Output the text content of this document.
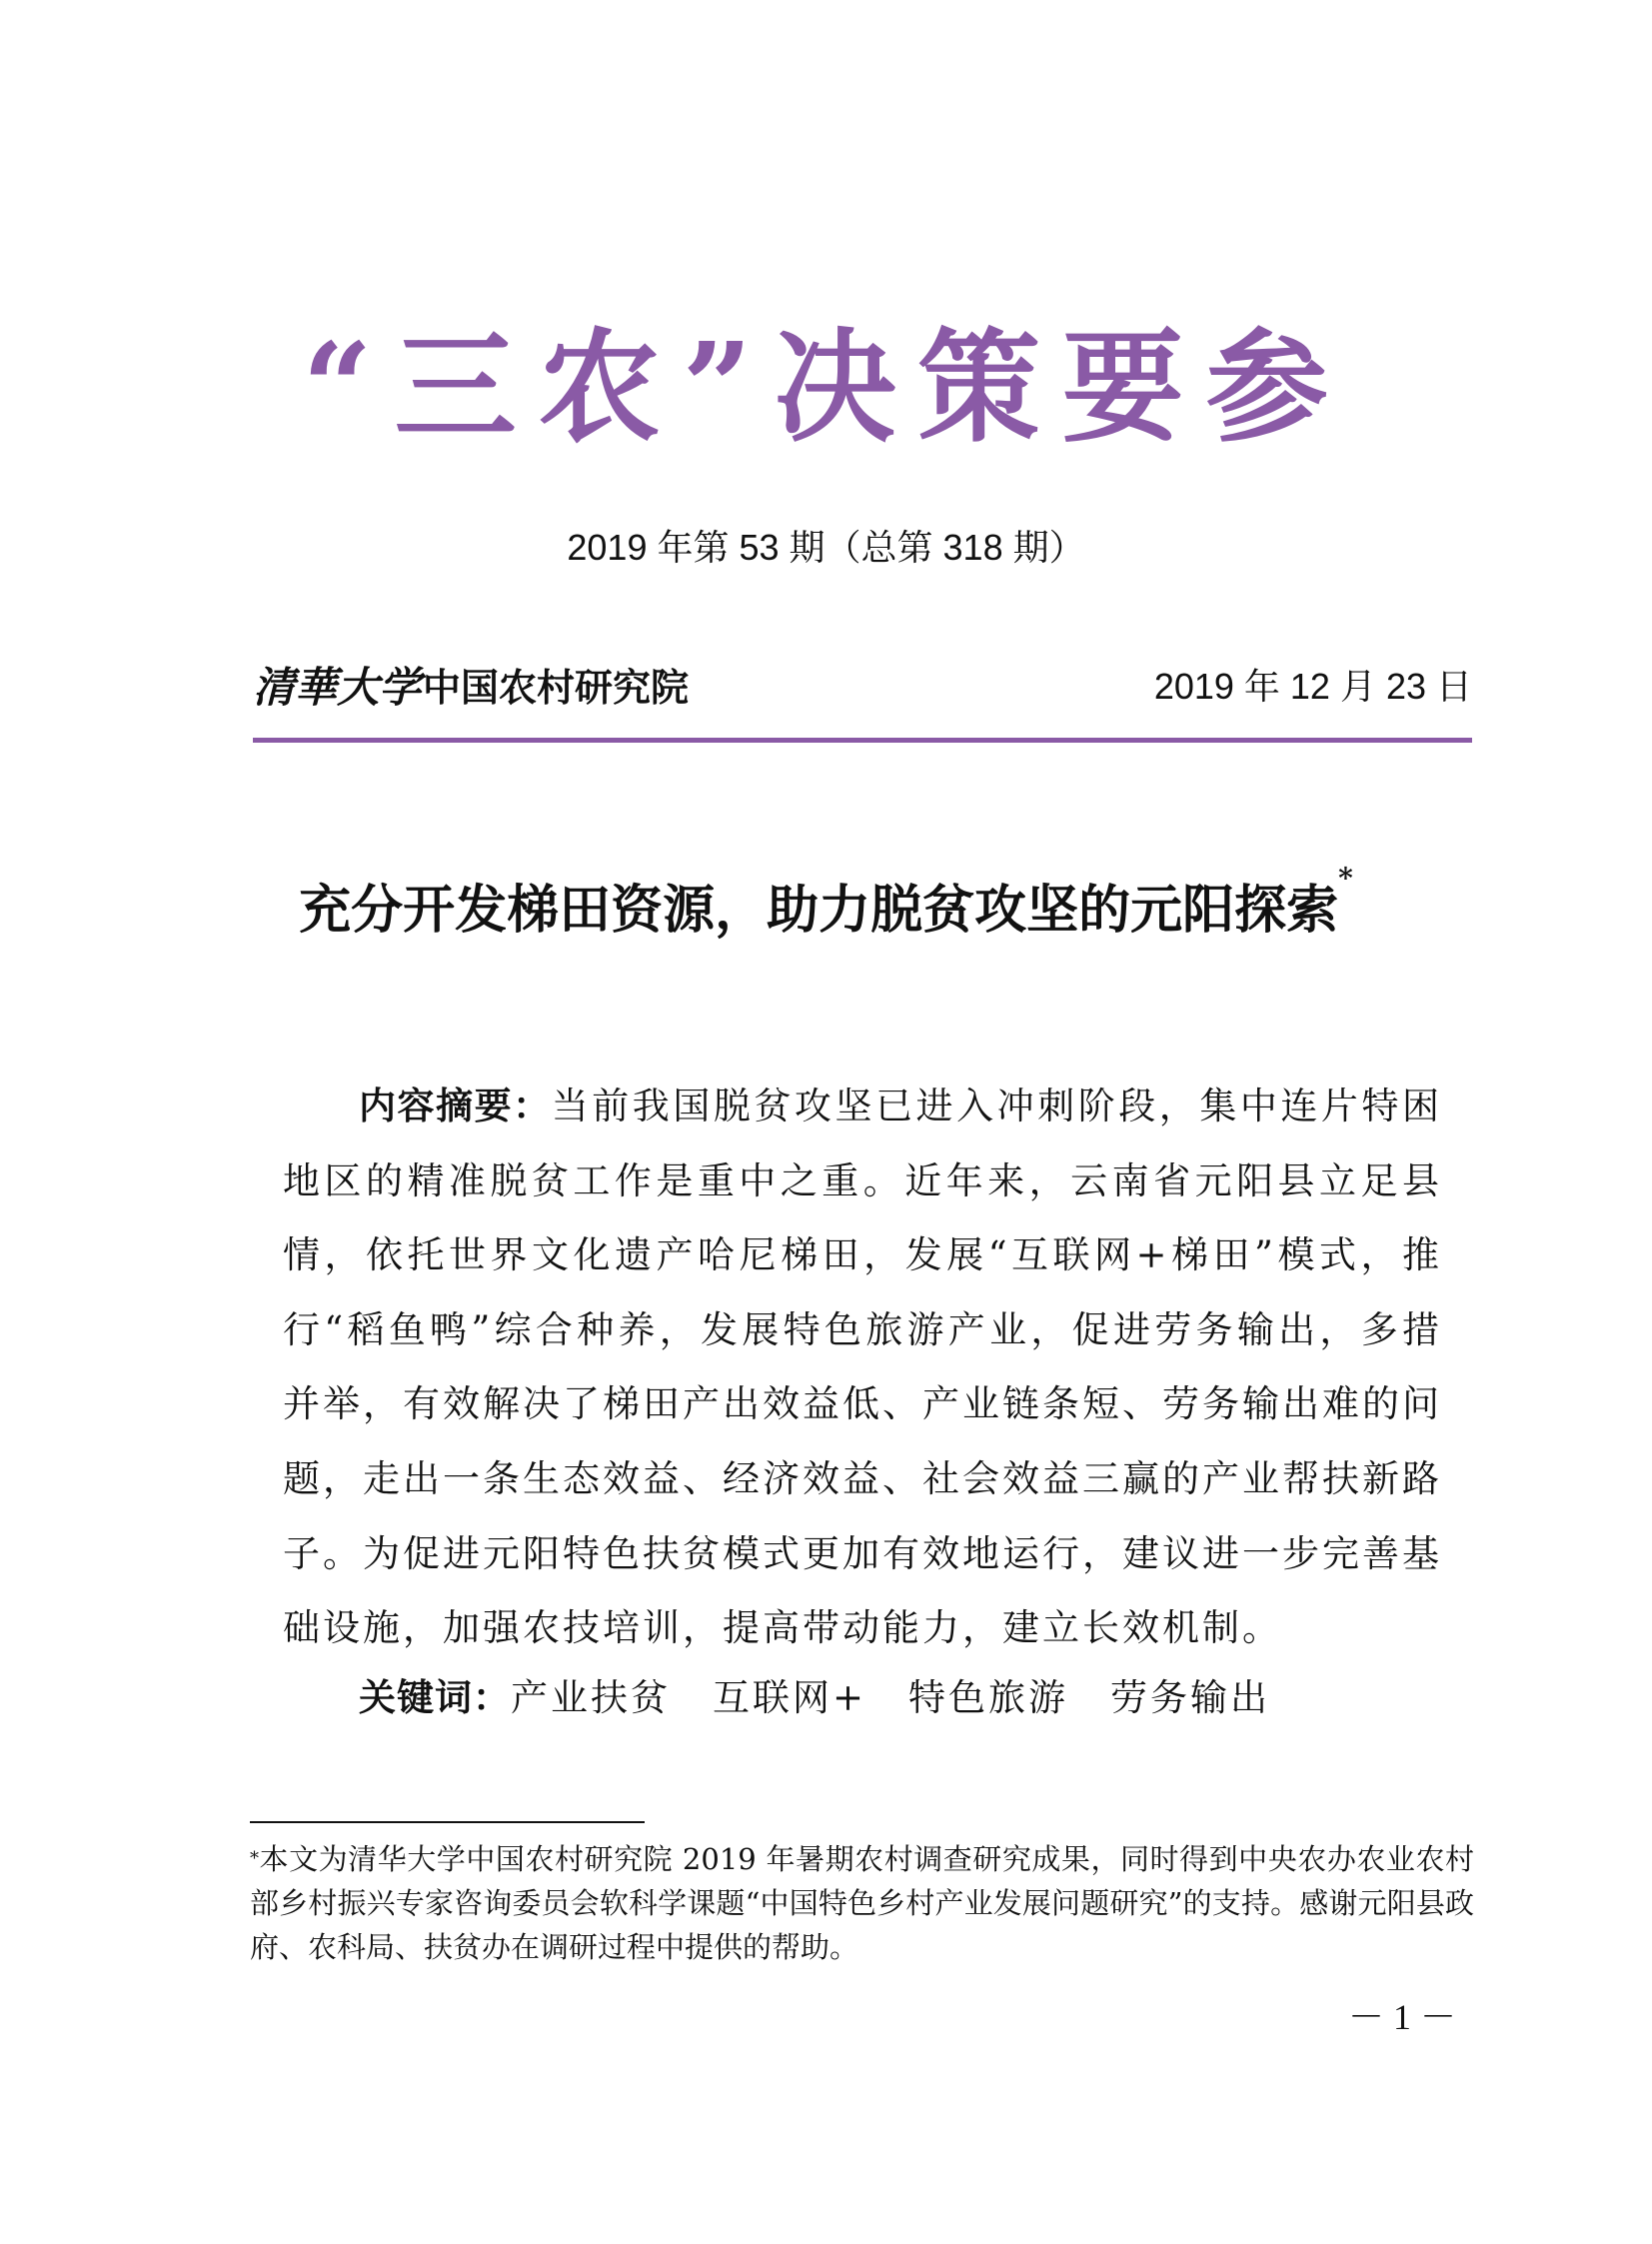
“三农”决策要参
2019 年第 53 期（总第 318 期）
清華大学 中国农村研究院	2019 年 12 月 23 日
充分开发梯田资源，助力脱贫攻坚的元阳探索*

内容摘要：当前我国脱贫攻坚已进入冲刺阶段，集中连片特困地区的精准脱贫工作是重中之重。近年来，云南省元阳县立足县情，依托世界文化遗产哈尼梯田，发展“互联网+梯田”模式，推行“稻鱼鸭”综合种养，发展特色旅游产业，促进劳务输出，多措并举，有效解决了梯田产出效益低、产业链条短、劳务输出难的问题，走出一条生态效益、经济效益、社会效益三赢的产业帮扶新路子。为促进元阳特色扶贫模式更加有效地运行，建议进一步完善基础设施，加强农技培训，提高带动能力，建立长效机制。

关键词：产业扶贫 互联网+ 特色旅游 劳务输出

*本文为清华大学中国农村研究院 2019 年暑期农村调查研究成果，同时得到中央农办农业农村部乡村振兴专家咨询委员会软科学课题“中国特色乡村产业发展问题研究”的支持。感谢元阳县政府、农科局、扶贫办在调研过程中提供的帮助。

－ 1 －
